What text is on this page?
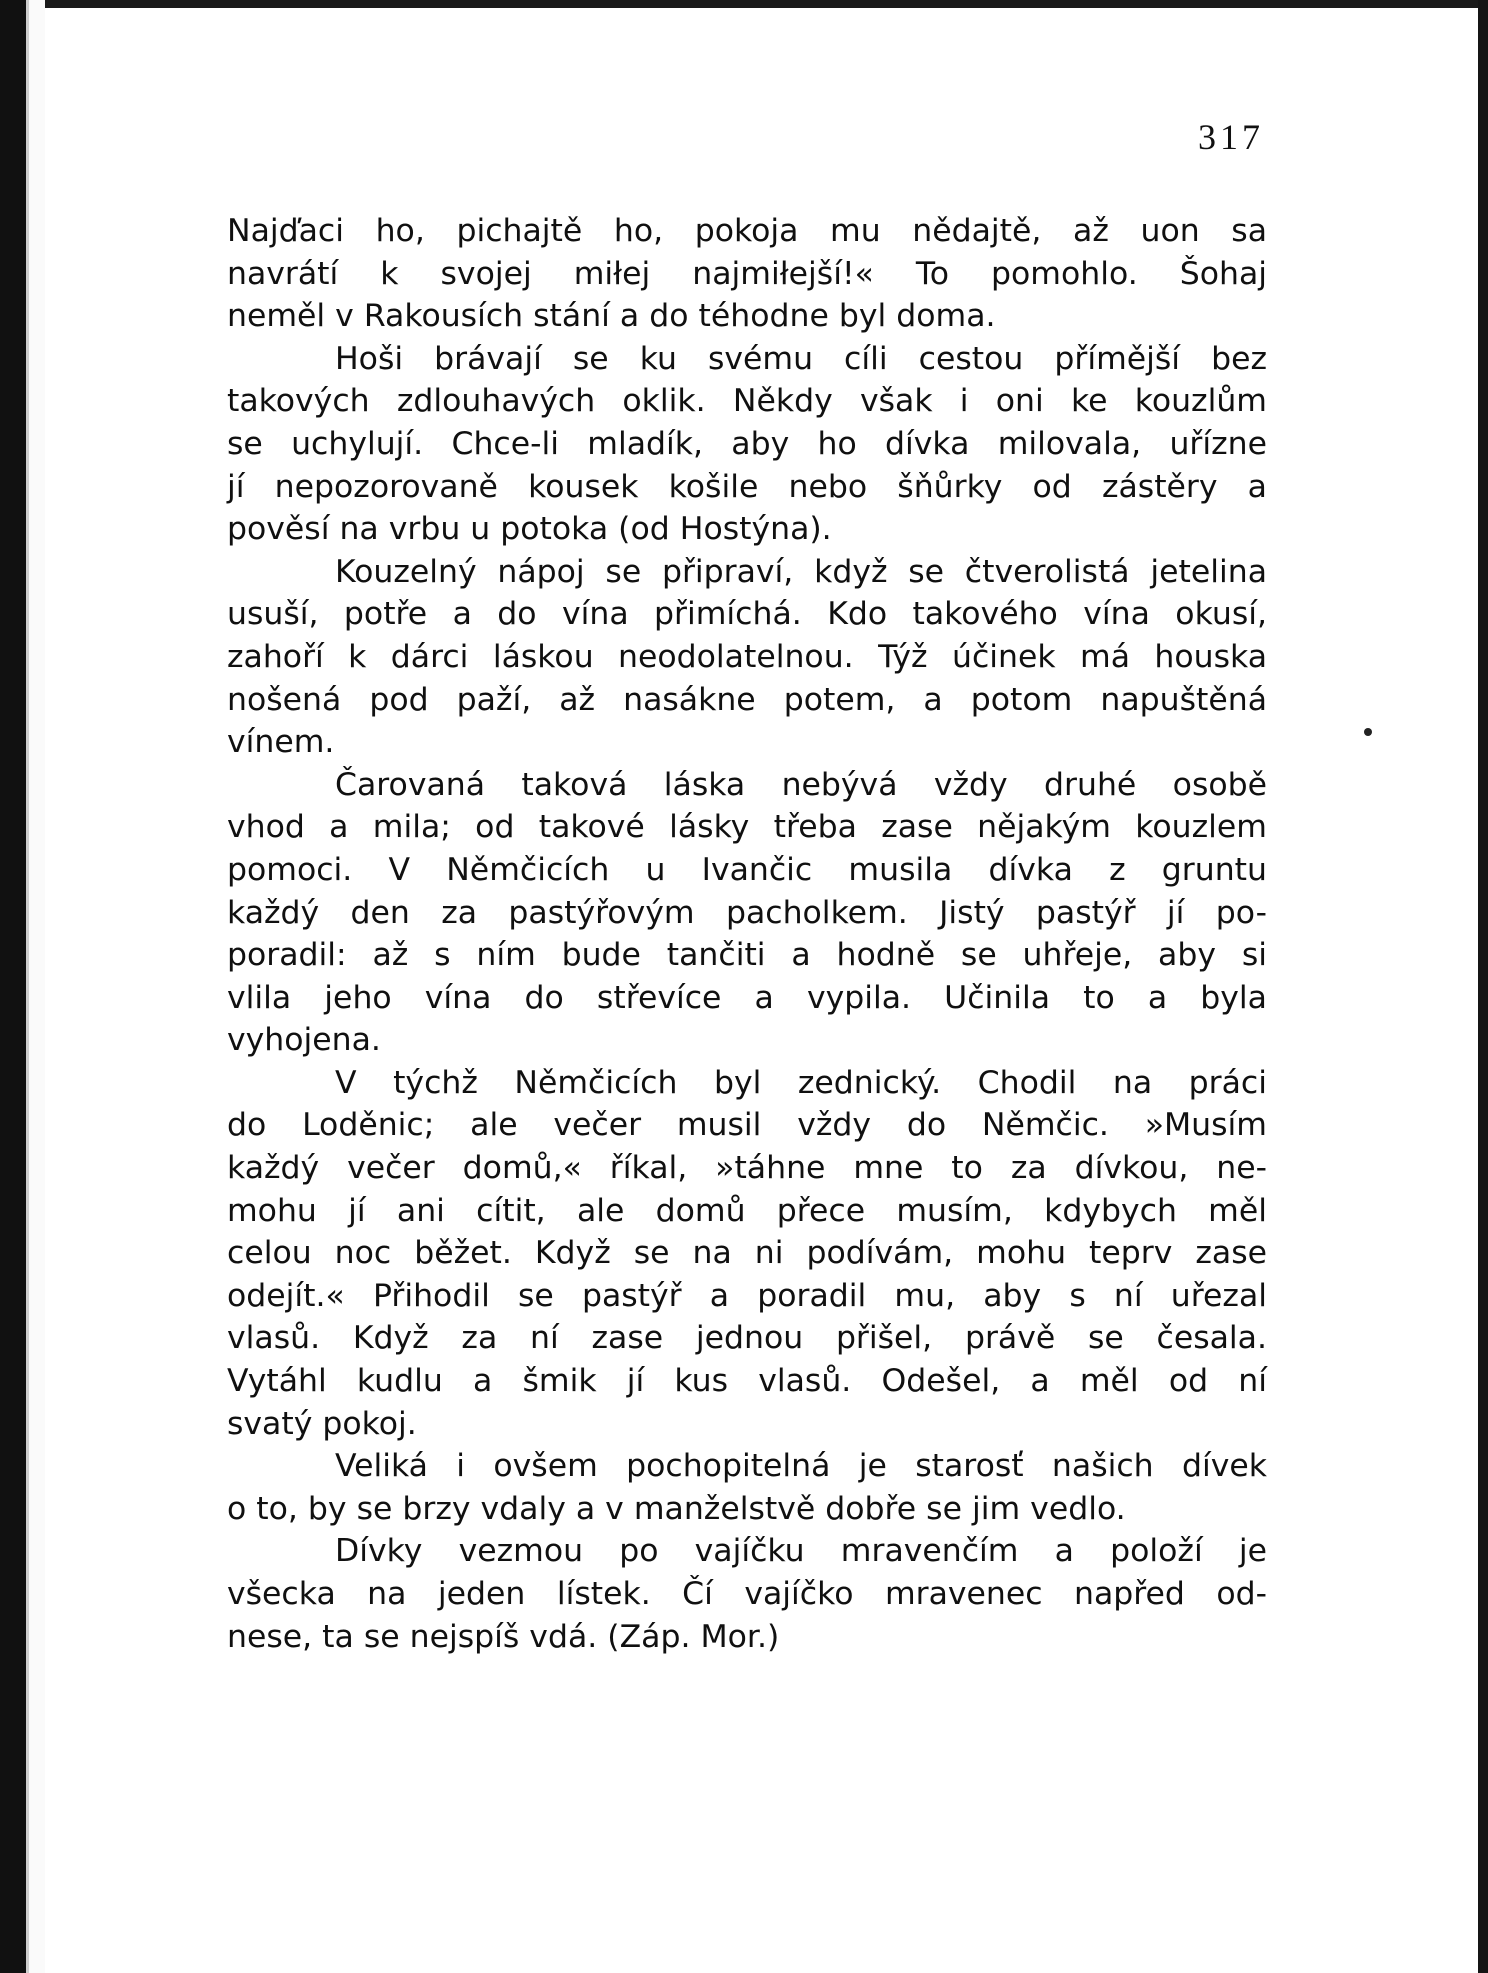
317
Najďaci ho, pichajtě ho, pokoja mu nědajtě, až uon sa
navrátí k svojej miłej najmiłejší!« To pomohlo. Šohaj
neměl v Rakousích stání a do téhodne byl doma.
Hoši brávají se ku svému cíli cestou přímější bez
takových zdlouhavých oklik. Někdy však i oni ke kouzlům
se uchylují. Chce-li mladík, aby ho dívka milovala, uřízne
jí nepozorovaně kousek košile nebo šňůrky od zástěry a
pověsí na vrbu u potoka (od Hostýna).
Kouzelný nápoj se připraví, když se čtverolistá jetelina
usuší, potře a do vína přimíchá. Kdo takového vína okusí,
zahoří k dárci láskou neodolatelnou. Týž účinek má houska
nošená pod paží, až nasákne potem, a potom napuštěná
vínem.
Čarovaná taková láska nebývá vždy druhé osobě
vhod a mila; od takové lásky třeba zase nějakým kouzlem
pomoci. V Němčicích u Ivančic musila dívka z gruntu
každý den za pastýřovým pacholkem. Jistý pastýř jí po-
poradil: až s ním bude tančiti a hodně se uhřeje, aby si
vlila jeho vína do střevíce a vypila. Učinila to a byla
vyhojena.
V týchž Němčicích byl zednický. Chodil na práci
do Loděnic; ale večer musil vždy do Němčic. »Musím
každý večer domů,« říkal, »táhne mne to za dívkou, ne-
mohu jí ani cítit, ale domů přece musím, kdybych měl
celou noc běžet. Když se na ni podívám, mohu teprv zase
odejít.« Přihodil se pastýř a poradil mu, aby s ní uřezal
vlasů. Když za ní zase jednou přišel, právě se česala.
Vytáhl kudlu a šmik jí kus vlasů. Odešel, a měl od ní
svatý pokoj.
Veliká i ovšem pochopitelná je starosť našich dívek
o to, by se brzy vdaly a v manželstvě dobře se jim vedlo.
Dívky vezmou po vajíčku mravenčím a položí je
všecka na jeden lístek. Čí vajíčko mravenec napřed od-
nese, ta se nejspíš vdá. (Záp. Mor.)
